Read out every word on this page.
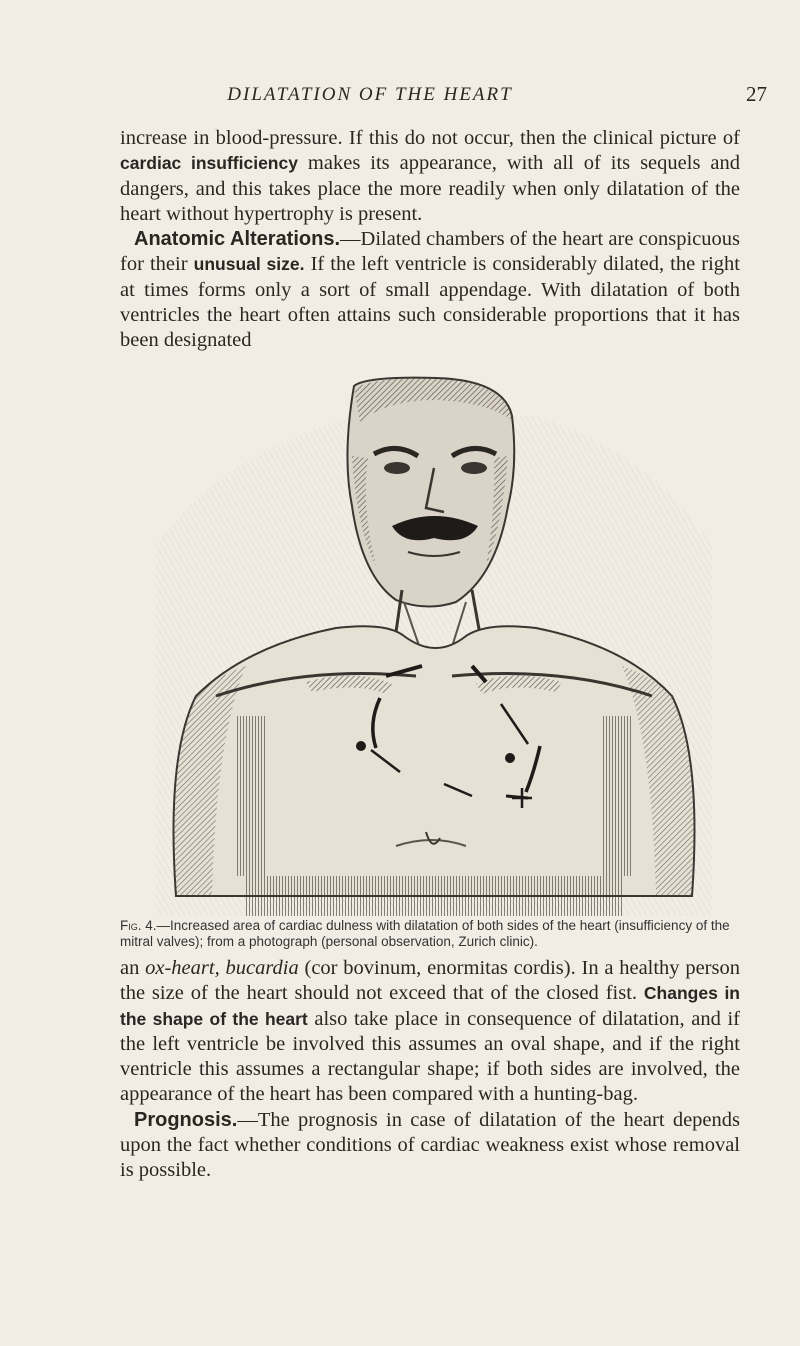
DILATATION OF THE HEART	27

increase in blood-pressure. If this do not occur, then the clinical picture of cardiac insufficiency makes its appearance, with all of its sequels and dangers, and this takes place the more readily when only dilatation of the heart without hypertrophy is present.
Anatomic Alterations.—Dilated chambers of the heart are conspicuous for their unusual size. If the left ventricle is considerably dilated, the right at times forms only a sort of small appendage. With dilatation of both ventricles the heart often attains such considerable proportions that it has been designated

Fig. 4.—Increased area of cardiac dulness with dilatation of both sides of the heart (insufficiency of the mitral valves); from a photograph (personal observation, Zurich clinic).

an ox-heart, bucardia (cor bovinum, enormitas cordis). In a healthy person the size of the heart should not exceed that of the closed fist. Changes in the shape of the heart also take place in consequence of dilatation, and if the left ventricle be involved this assumes an oval shape, and if the right ventricle this assumes a rectangular shape; if both sides are involved, the appearance of the heart has been compared with a hunting-bag.
Prognosis.—The prognosis in case of dilatation of the heart depends upon the fact whether conditions of cardiac weakness exist whose removal is possible.
